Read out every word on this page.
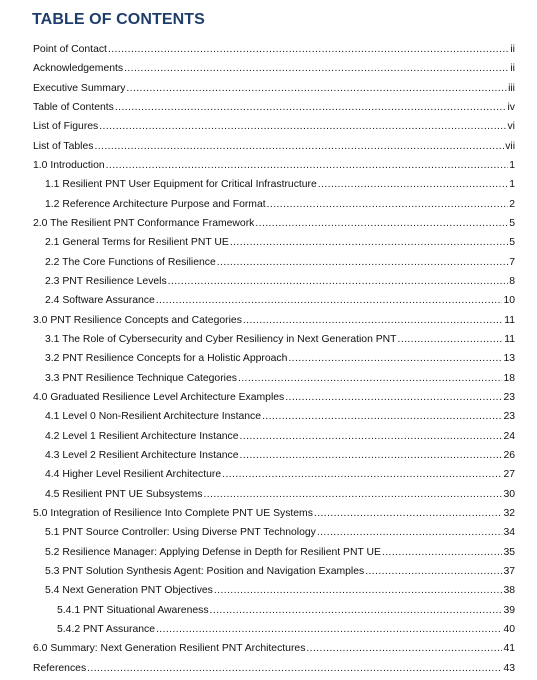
TABLE OF CONTENTS
Point of Contact .....	ii
Acknowledgements .....	ii
Executive Summary .....	iii
Table of Contents .....	iv
List of Figures .....	vi
List of Tables .....	vii
1.0 Introduction .....	1
1.1 Resilient PNT User Equipment for Critical Infrastructure .....	1
1.2 Reference Architecture Purpose and Format .....	2
2.0 The Resilient PNT Conformance Framework .....	5
2.1 General Terms for Resilient PNT UE .....	5
2.2 The Core Functions of Resilience .....	7
2.3 PNT Resilience Levels .....	8
2.4 Software Assurance .....	10
3.0 PNT Resilience Concepts and Categories .....	11
3.1 The Role of Cybersecurity and Cyber Resiliency in Next Generation PNT .....	11
3.2 PNT Resilience Concepts for a Holistic Approach .....	13
3.3 PNT Resilience Technique Categories .....	18
4.0 Graduated Resilience Level Architecture Examples .....	23
4.1 Level 0 Non-Resilient Architecture Instance .....	23
4.2 Level 1 Resilient Architecture Instance .....	24
4.3 Level 2 Resilient Architecture Instance .....	26
4.4 Higher Level Resilient Architecture .....	27
4.5 Resilient PNT UE Subsystems .....	30
5.0 Integration of Resilience Into Complete PNT UE Systems .....	32
5.1 PNT Source Controller: Using Diverse PNT Technology .....	34
5.2 Resilience Manager: Applying Defense in Depth for Resilient PNT UE .....	35
5.3 PNT Solution Synthesis Agent: Position and Navigation Examples .....	37
5.4 Next Generation PNT Objectives .....	38
5.4.1 PNT Situational Awareness .....	39
5.4.2 PNT Assurance .....	40
6.0 Summary: Next Generation Resilient PNT Architectures .....	41
References .....	43
